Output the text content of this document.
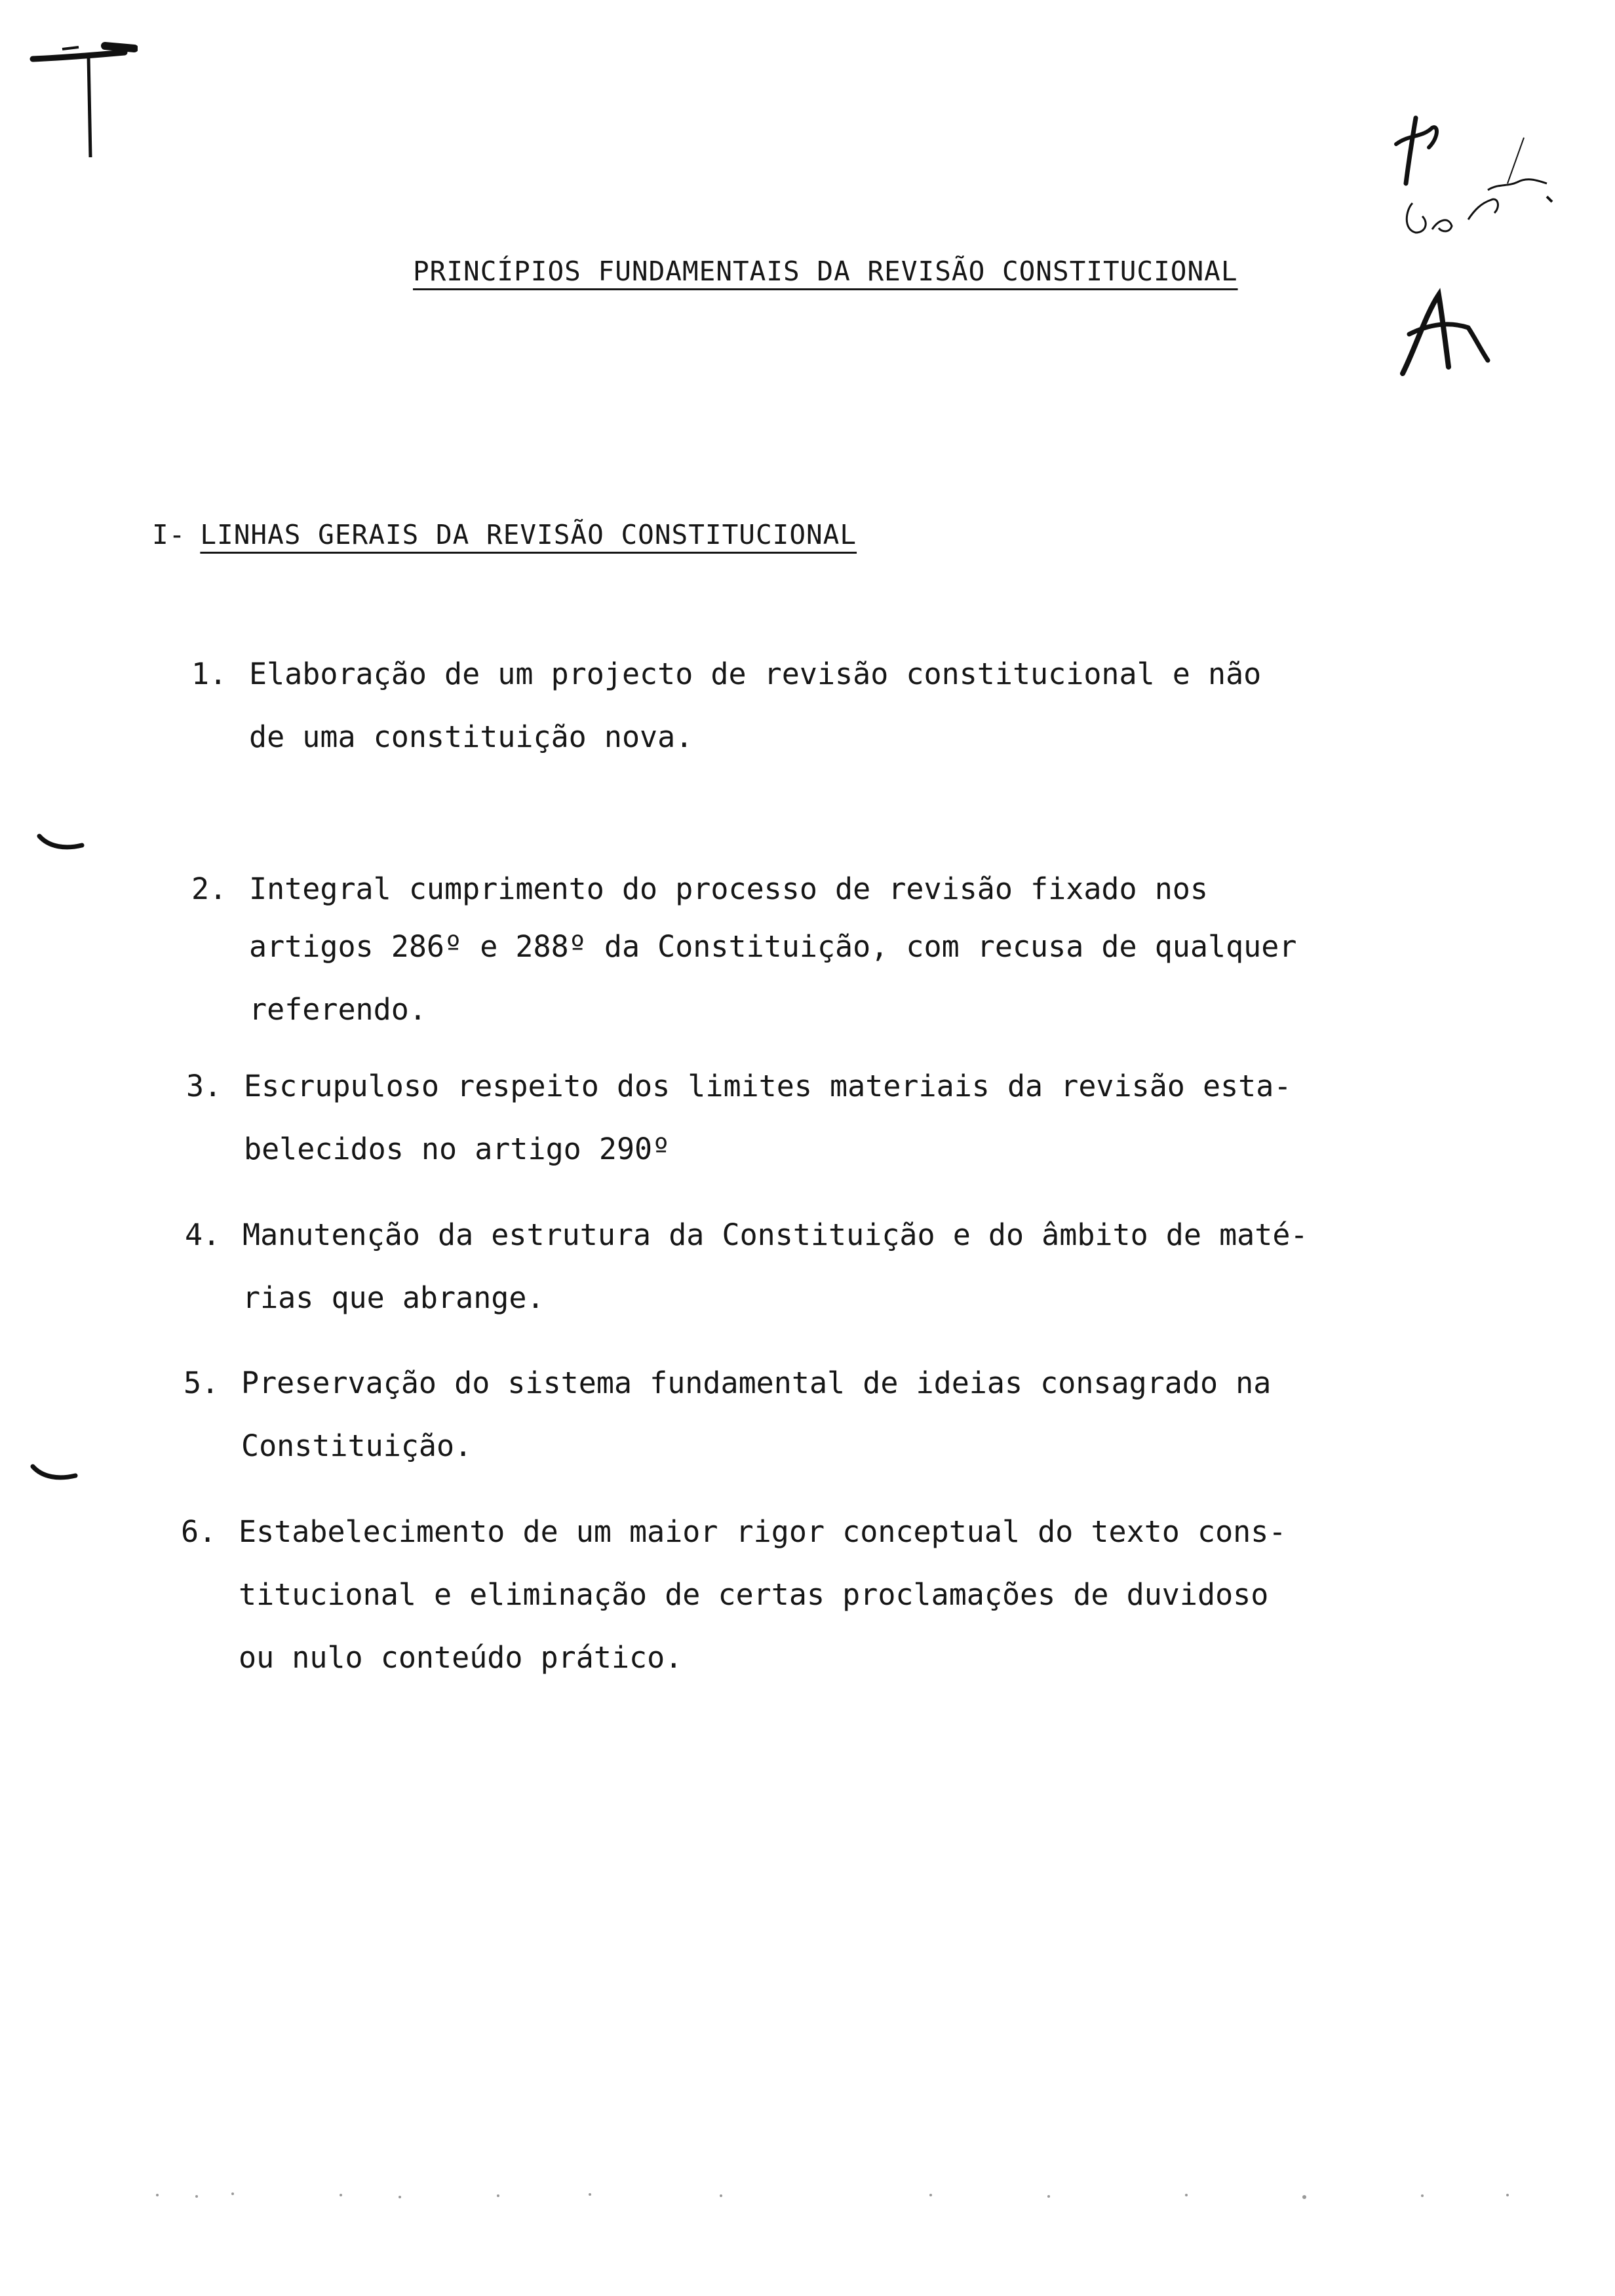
PRINCÍPIOS FUNDAMENTAIS DA REVISÃO CONSTITUCIONAL
I- LINHAS GERAIS DA REVISÃO CONSTITUCIONAL
1. Elaboração de um projecto de revisão constitucional e não
de uma constituição nova.
2. Integral cumprimento do processo de revisão fixado nos
artigos 286º e 288º da Constituição, com recusa de qualquer
referendo.
3. Escrupuloso respeito dos limites materiais da revisão esta-
belecidos no artigo 290º
4. Manutenção da estrutura da Constituição e do âmbito de maté-
rias que abrange.
5. Preservação do sistema fundamental de ideias consagrado na
Constituição.
6. Estabelecimento de um maior rigor conceptual do texto cons-
titucional e eliminação de certas proclamações de duvidoso
ou nulo conteúdo prático.
